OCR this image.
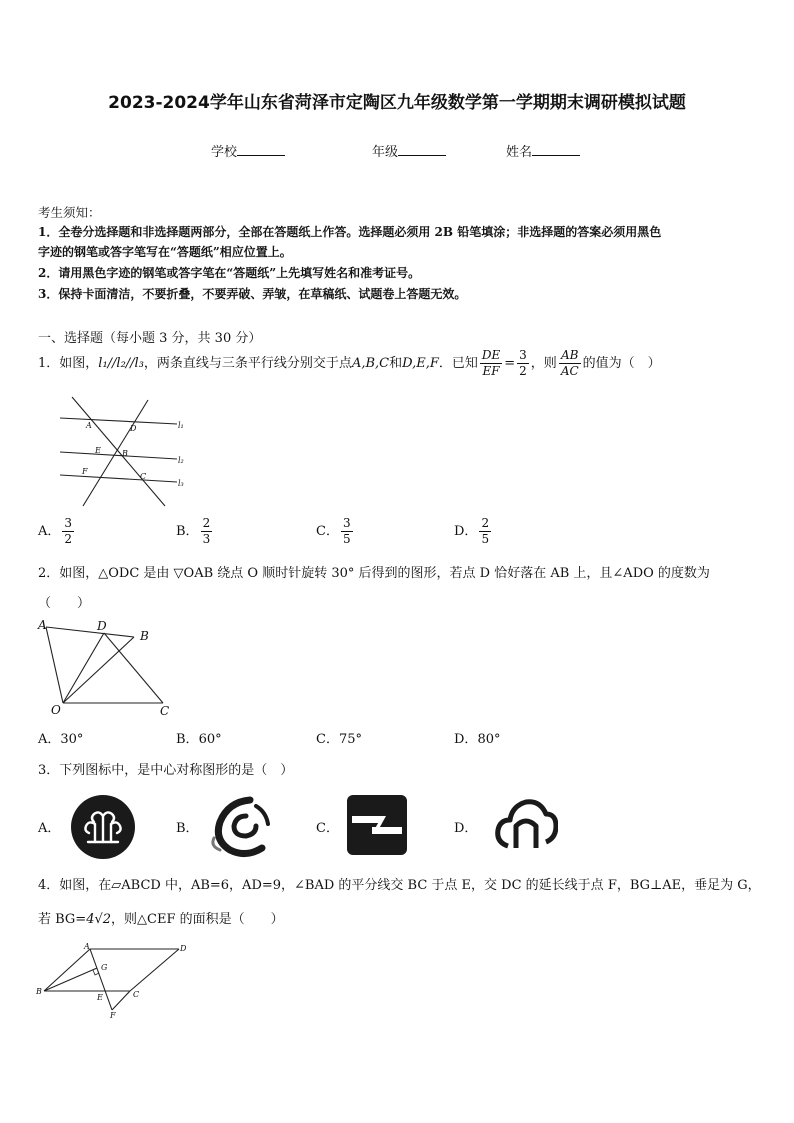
2023-2024学年山东省菏泽市定陶区九年级数学第一学期期末调研模拟试题
学校	年级	姓名
考生须知：
1．全卷分选择题和非选择题两部分，全部在答题纸上作答。选择题必须用 2B 铅笔填涂；非选择题的答案必须用黑色
字迹的钢笔或答字笔写在“答题纸”相应位置上。
2．请用黑色字迹的钢笔或答字笔在“答题纸”上先填写姓名和准考证号。
3．保持卡面清洁，不要折叠，不要弄破、弄皱，在草稿纸、试题卷上答题无效。
一、选择题（每小题 3 分，共 30 分）
1．如图，l₁//l₂//l₃，两条直线与三条平行线分别交于点A,B,C和D,E,F．已知 $\frac{DE}{EF} = \frac{3}{2}$ ，则 $\frac{AB}{AC}$ 的值为（　）
A	D
E	B
F
C
l₁
l₂
l₃
A． $\frac{3}{2}$	B． $\frac{2}{3}$	C． $\frac{3}{5}$	D． $\frac{2}{5}$
2．如图，△ODC 是由 ▽OAB 绕点 O 顺时针旋转 30° 后得到的图形，若点 D 恰好落在 AB 上，且∠ADO 的度数为
（　　）
A	D
B
O	C
A．30°	B．60°	C．75°	D．80°
3．下列图标中，是中心对称图形的是（　）
A．	B．	C．	D．
4．如图，在▱ABCD 中，AB=6，AD=9，∠BAD 的平分线交 BC 于点 E，交 DC 的延长线于点 F，BG⊥AE，垂足为 G，
若 BG=4√2，则△CEF 的面积是（　　）
A	D
G
B
E	C
F
